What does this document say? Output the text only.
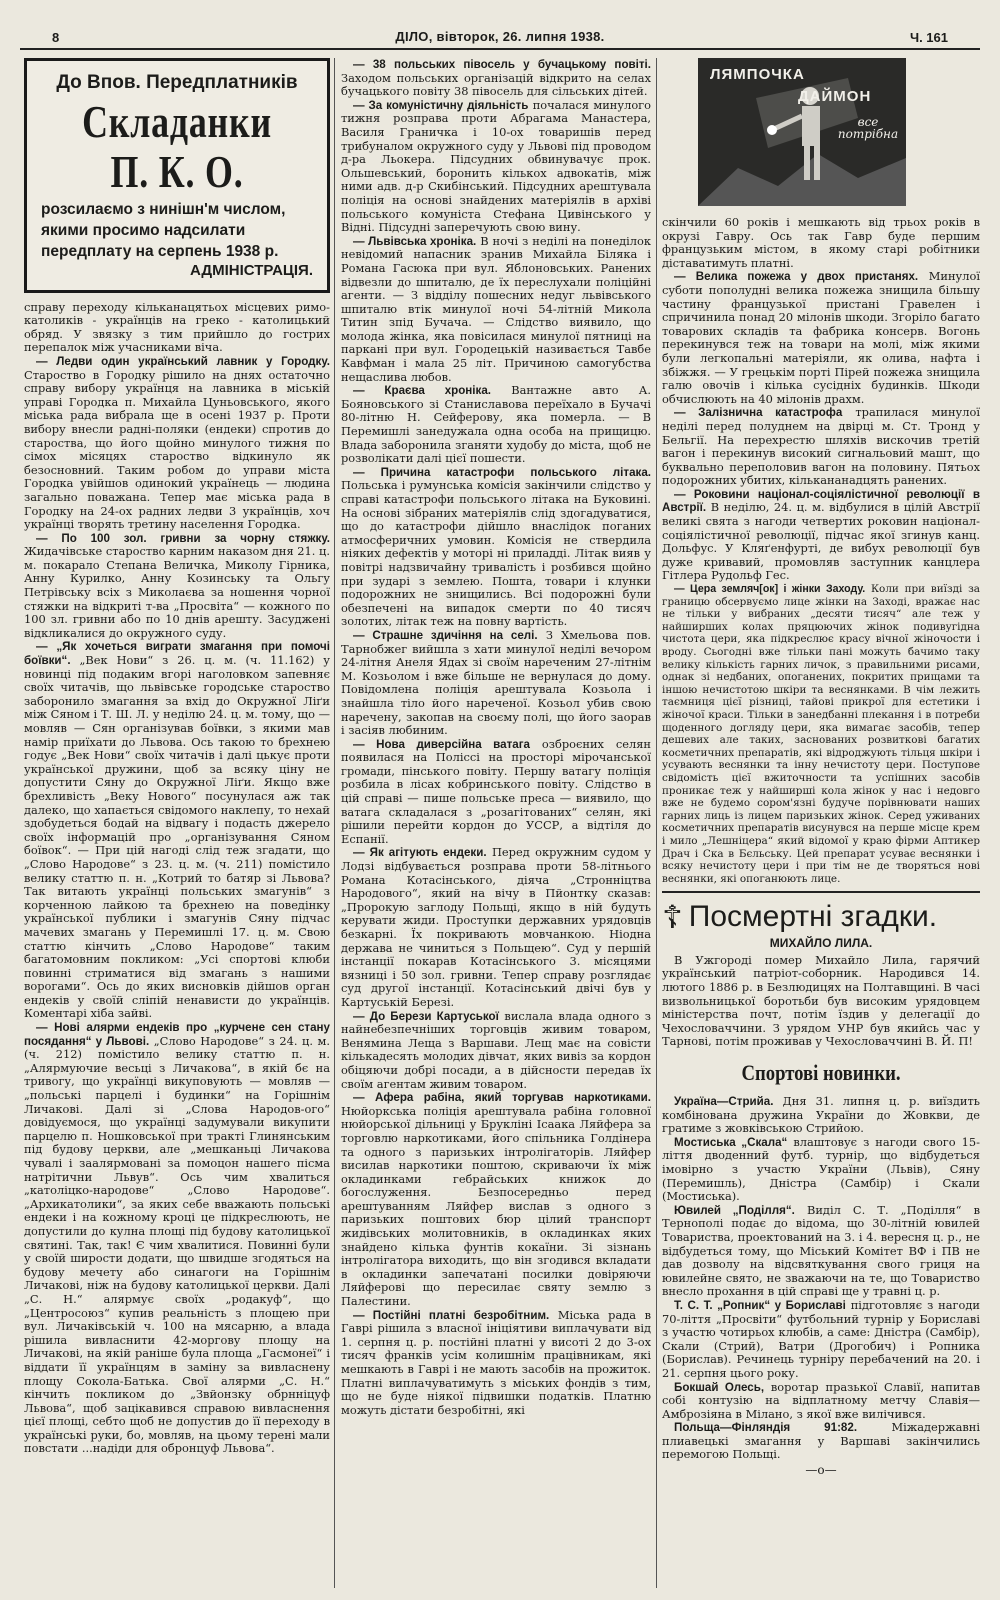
8	ДІЛО, вівторок, 26. липня 1938.	Ч. 161
До Впов. Передплатників
Складанки П. К. О.
розсилаємо з нинішн'м числом, якими просимо надсилати передплату на серпень 1938 р.
АДМІНІСТРАЦІЯ.

справу переходу кільканацятьох місцевих римо-католиків - українців на греко - католицький обряд. У звязку з тим прийшло до гострих перепалок між учасниками віча.

— Ледви один український лавник у Городку. Староство в Городку рішило на днях остаточно справу вибору українця на лавника в міській управі Городка п. Михайла Цуньовського, якого міська рада вибрала ще в осені 1937 р. Проти вибору внесли радні-поляки (ендеки) спротив до староства, що його щойно минулого тижня по сімох місяцях староство відкинуло як безосновний. Таким робом до управи міста Городка увійшов одинокий українець — людина загально поважана. Тепер має міська рада в Городку на 24-ох радних ледви 3 українців, хоч українці творять третину населення Городка.

— По 100 зол. гривни за чорну стяжку. Жидачівське староство карним наказом дня 21. ц. м. покарало Степана Величка, Миколу Гірника, Анну Курилко, Анну Козинську та Ольгу Петрівську всіх з Миколаєва за ношення чорної стяжки на відкриті т-ва „Просвіта“ — кожного по 100 зл. гривни або по 10 днів арешту. Засуджені відкликалися до окружного суду.

— „Як хочеться виграти змагання при помочі боївки“. „Век Нови“ з 26. ц. м. (ч. 11.162) у новинці під подаким вгорі наголовком запевняє своїх читачів, що львівське городське староство заборонило змагання за вхід до Окружної Ліґи між Сяном і Т. Ш. Л. у неділю 24. ц. м. тому, що — мовляв — Сян організував боївки, з якими мав намір приїхати до Львова. Ось такою то брехнею годує „Век Нови“ своїх читачів і далі цькує проти української дружини, щоб за всяку ціну не допустити Сяну до Окружної Ліґи. Якщо вже брехливість „Веку Нового“ посунулася аж так далеко, що хапається свідомого наклепу, то нехай здобудеться бодай на відвагу і подасть джерело своїх інформацій про „організування Сяном боївок“. — При цій нагоді слід теж згадати, що „Слово Народове“ з 23. ц. м. (ч. 211) помістило велику статтю п. н. „Котрий то батяр зі Львова? Так витають українці польських змагунів“ з корченною лайкою та брехнею на поведінку української публики і змагунів Сяну підчас мачевих змагань у Перемишлі 17. ц. м. Свою статтю кінчить „Слово Народове“ таким багатомовним покликом: „Усі спортові клюби повинні стриматися від змагань з нашими ворогами“. Ось до яких висновків дійшов орган ендеків у своїй сліпій ненависти до українців. Коментарі хіба зайві.

— Нові алярми ендеків про „курчене сен стану посядання“ у Львові. „Слово Народове“ з 24. ц. м. (ч. 212) помістило велику статтю п. н. „Алярмуючие весьці з Личакова“, в якій бє на тривогу, що українці викуповують — мовляв — „польські парцелі і будинки“ на Горішнім Личакові. Далі зі „Слова Народов-ого“ довідуємося, що українці задумували викупити парцелю п. Ношковської при тракті Глинянським під будову церкви, але „мешканьці Личакова чувалі і заалярмовані за помоцон нашего пісма натрітични Львув“. Ось чим хвалиться „католіцко-народове“ „Слово Народове“. „Архикатолики“, за яких себе вважають польські ендеки і на кожному кроці це підкреслюють, не допустили до кулна площі під будову католицької святині. Так, так! Є чим хвалитися. Повинні були у своїй ширости додати, що швидше згодяться на будову мечету або синагоги на Горішнім Личакові, ніж на будову католицької церкви. Далі „С. Н.“ алярмує своїх „родакуф“, що „Центросоюз“ купив реальність з площею при вул. Личаківській ч. 100 на мясарню, а влада рішила вивласнити 42-моргову площу на Личакові, на якій раніше була площа „Гасмонеї“ і віддати її українцям в заміну за вивласнену площу Сокола-Батька. Свої алярми „С. Н.“ кінчить покликом до „Звйонзку обрнніцуф Львова“, щоб зацікавився справою вивласнення цієї площі, себто щоб не допустив до її переходу в українські руки, бо, мовляв, на цьому терені мали повстати ...надіди для обронцуф Львова“.

— 38 польських півосель у бучацькому повіті. Заходом польських організацій відкрито на селах бучацького повіту 38 півосель для сільських дітей.

— За комуністичну діяльність почалася минулого тижня розправа проти Абрагама Манастера, Василя Граничка і 10-ох товаришів перед трибуналом окружного суду у Львові під проводом д-ра Льокера. Підсудних обвинувачує прок. Ольшевський, боронить кількох адвокатів, між ними адв. д-р Скибінський. Підсудних арештувала поліція на основі знайдених матеріялів в архіві польського комуніста Стефана Цивінського у Відні. Підсудні заперечують свою вину.

— Львівська хроніка. В ночі з неділі на понеділок невідомий напасник зранив Михайла Біляка і Романа Гасюка при вул. Яблоновських. Ранених відвезли до шпиталю, де їх перeслухали поліційні агенти. — З відділу пошесних недуг львівського шпиталю втік минулої ночі 54-літній Микола Титин зпід Бучача. — Слідство виявило, що молода жінка, яка повісилася минулої пятниці на паркані при вул. Городецькій називається Тавбе Кавфман і мала 25 літ. Причиною самогубства нещаслива любов.

— Краєва хроніка. Вантажне авто А. Бояновського зі Станиславова переїхало в Бучачі 80-літню Н. Сейферову, яка померла. — В Перемишлі занедужала одна особа на прищицю. Влада заборонила зганяти худобу до міста, щоб не розволікати далі цієї пошести.

— Причина катастрофи польського літака. Польська і румунська комісія закінчили слідство у справі катастрофи польського літака на Буковині. На основі зібраних матеріялів слід здогадуватися, що до катастрофи дійшло внаслідок поганих атмосферичних умовин. Комісія не ствердила ніяких дефектів у моторі ні приладді. Літак вияв у повітрі надзвичайну тривалість і розбився щойно при зударі з землею. Пошта, товари і клунки подорожних не знищились. Всі подорожні були обезпечені на випадок смерти по 40 тисяч золотих, літак теж на повну вартість.

— Страшне здичіння на селі. З Хмельова пов. Тарнобжег вийшла з хати минулої неділі вечором 24-літня Анеля Ядах зі своїм нареченим 27-літнім М. Козьолом і вже більше не вернулася до дому. Повідомлена поліція арештувала Козьола і знайшла тіло його нареченої. Козьол убив свою наречену, закопав на своєму полі, що його заорав і засіяв любиним.

— Нова диверсійна ватага озброєних селян появилася на Поліссі на просторі мірочанської громади, пінського повіту. Першу ватагу поліція розбила в лісах кобринського повіту. Слідство в цій справі — пише польське преса — виявило, що ватага складалася з „розагітованих“ селян, які рішили перейти кордон до УССР, а відтіля до Еспанії.

— Як агітують ендеки. Перед окружним судом у Лодзі відбувається розправа проти 58-літнього Романа Котасінського, діяча „Стронніцтва Народового“, який на вічу в Пйонтку сказав: „Пророкую заглоду Польщі, якщо в ній будуть керувати жиди. Проступки державних урядовців безкарні. Їх покривають мовчанкою. Ніодна держава не чиниться з Польщею“. Суд у першій інстанції покарав Котасінського 3. місяцями вязниці і 50 зол. гривни. Тепер справу розглядає суд другої інстанції. Котасінський двічі був у Картуській Березі.

— До Берези Картуської вислала влада одного з найнебезпечніших торговців живим товаром, Венямина Леща з Варшави. Лещ має на совісти кількадесять молодих дівчат, яких вивіз за кордон обіцяючи добрі посади, а в дійсности передав їх своїм агентам живим товаром.

— Афера рабіна, який торгував наркотиками. Нюйоркська поліція арештувала рабіна головної нюйорської дільниці у Брукліні Ісаака Ляйфера за торговлю наркотиками, його спільника Голдінера та одного з паризьких інтролігаторів. Ляйфер висилав наркотики поштою, скриваючи їх між окладинками гебрайських книжок до богослуження. Безпосередньо перед арештуванням Ляйфер вислав з одного з паризьких поштових бюр цілий транспорт жидівських молитовників, в окладинках яких знайдено кілька фунтів кокаїни. Зі зізнань інтролігатора виходить, що він згодився вкладати в окладинки запечатані посилки довіряючи Ляйферові що пересилає святу землю з Палестини.

— Постійні платні безробітним. Міська рада в Гаврі рішила з власної ініціятиви виплачувати від 1. серпня ц. р. постійні платні у висоті 2 до 3-ох тисяч франків усім колишнім працівникам, які мешкають в Гаврі і не мають засобів на прожиток. Платні виплачуватимуть з міських фондів з тим, що не буде ніякої підвишки податків. Платню можуть дістати безробітні, які

ЛЯМПОЧКА
ДАЙМОН
все потрібна

скінчили 60 років і мешкають від трьох років в окрузі Гавру. Ось так Гавр буде першим французьким містом, в якому старі робітники діставатимуть платні.

— Велика пожежа у двох пристанях. Минулої суботи пополудні велика пожежа знищила більшу частину французької пристані Гравелен і спричинила понад 20 мілонів шкоди. Згоріло багато товарових складів та фабрика консерв. Вогонь перекинувся теж на товари на молі, між якими були легкопальні матеріяли, як олива, нафта і збіжжя. — У грецькім порті Пірей пожежа знищила галю овочів і кілька сусідніх будинків. Шкоди обчислюють на 40 мілонів драхм.

— Залізнична катастрофа трапилася минулої неділі перед полуднем на двірці м. Ст. Тронд у Бельгії. На перехрестю шляхів вискочив третій вагон і перекинув високий сигнальовий машт, що буквально переполовив вагон на половину. Пятьох подорожних убитих, кількананадцять ранених.

— Роковини націонал-соціялістичної революції в Австрії. В неділю, 24. ц. м. відбулися в цілій Австрії великі свята з нагоди четвертих роковин націонал-соціялістичної революції, підчас якої згинув канц. Дольфус. У Кляґенфурті, де вибух революції був дуже кривавий, промовляв заступник канцлера Гітлера Рудольф Гес.

— Цера земляч[ок] і жінки Заходу. Коли при виїзді за границю обсервуємо лице жінки на Заході, вражає нас не тільки у вибраних „десяти тисяч“ але теж у найширших колах пряцюючих жінок подивугідна чистота цери, яка підкреслює красу вічної жіночости і вроду. Сьогодні вже тільки пані можуть бачимо таку велику кількість гарних личок, з правильними рисами, однак зі недбаних, опоганених, покритих прищами та іншою нечистотою шкіри та веснянками. В чім лежить таємниця цієї різниці, тайові прикрої для естетики і жіночої краси. Тільки в занедбанні плекання і в потреби щоденного догляду цери, яка вимагає засобів, тепер дешевих але таких, заснованих розвиткові багатих косметичних препаратів, які відроджують тільця шкіри і усувають веснянки та інну нечистоту цери. Поступове свідомість цієї вжиточности та успішних засобів проникає теж у найширші кола жінок у нас і недовго вже не будемо сором'язні будуче порівнювати наших гарних лиць із лицем паризьких жінок. Серед уживаних косметичних препаратів висунувся на перше місце крем і мило „Лешніцера“ який відомої у краю фірми Аптикер Драч і Ска в Бєльську. Цей препарат усуває веснянки і всяку нечистоту цери і при тім не де творяться нові веснянки, які опоганюють лице.

☦ Посмертні згадки.
МИХАЙЛО ЛИЛА.

В Ужгороді помер Михайло Лила, гарячий український патріот-соборник. Народився 14. лютого 1886 р. в Безлюдицях на Полтавщині. В часі визвольницької боротьби був високим урядовцем міністерства почт, потім їздив у делегації до Чехословаччини. З урядом УНР був якийсь час у Тарнові, потім проживав у Чехословаччині В. Й. П!

Спортові новинки.

Україна—Стрийа. Дня 31. липня ц. р. виїздить комбінована дружина України до Жовкви, де гратиме з жовківською Стрийою.

Мостиська „Скала“ влаштовує з нагоди свого 15-ліття дводенний футб. турнір, що відбудеться імовірно з участю України (Львів), Сяну (Перемишль), Дністра (Самбір) і Скали (Мостиська).

Ювилей „Поділля“. Виділ С. Т. „Поділля“ в Тернополі подає до відома, що 30-літній ювилей Товариства, проектований на 3. і 4. вересня ц. р., не відбудеться тому, що Міський Комітет ВФ і ПВ не дав дозволу на відсвяткування свого гриця на ювилейне свято, не зважаючи на те, що Товариство внесло прохання в цій справі ще у травні ц. р.

Т. С. Т. „Ропник“ у Бориславі підготовляє з нагоди 70-ліття „Просвіти“ футбольний турнір у Бориславі з участю чотирьох клюбів, а саме: Дністра (Самбір), Скали (Стрий), Ватри (Дрогобич) і Ропника (Борислав). Речинець турніру перебачений на 20. і 21. серпня цього року.

Бокшай Олесь, воротар празької Славії, напитав собі контузію на відплатному метчу Славія—Амброзіяна в Мілано, з якої вже вилічився.

Польща—Фінляндія 91:82.	Міжадержавні плиавецькі змагання у Варшаві закінчились перемогою Польщі.

—о—
